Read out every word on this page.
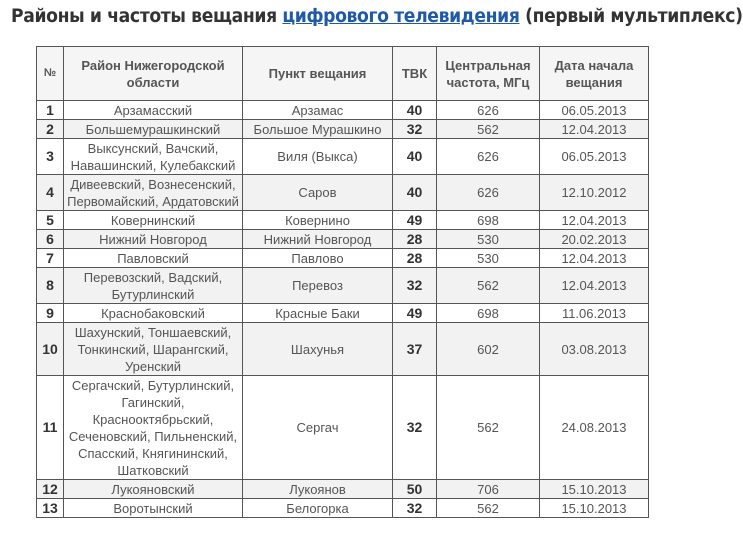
Районы и частоты вещания цифрового телевидения (первый мультиплекс)
№	Район Нижегородской области	Пункт вещания	ТВК	Центральная частота, МГц	Дата начала вещания
1	Арзамасский	Арзамас	40	626	06.05.2013
2	Большемурашкинский	Большое Мурашкино	32	562	12.04.2013
3	Выксунский, Вачский, Навашинский, Кулебакский	Виля (Выкса)	40	626	06.05.2013
4	Дивеевский, Вознесенский, Первомайский, Ардатовский	Саров	40	626	12.10.2012
5	Ковернинский	Ковернино	49	698	12.04.2013
6	Нижний Новгород	Нижний Новгород	28	530	20.02.2013
7	Павловский	Павлово	28	530	12.04.2013
8	Перевозский, Вадский, Бутурлинский	Перевоз	32	562	12.04.2013
9	Краснобаковский	Красные Баки	49	698	11.06.2013
10	Шахунский, Тоншаевский, Тонкинский, Шарангский, Уренский	Шахунья	37	602	03.08.2013
11	Сергачский, Бутурлинский, Гагинский, Краснооктябрьский, Сеченовский, Пильненский, Спасский, Княгининский, Шатковский	Сергач	32	562	24.08.2013
12	Лукояновский	Лукоянов	50	706	15.10.2013
13	Воротынский	Белогорка	32	562	15.10.2013
